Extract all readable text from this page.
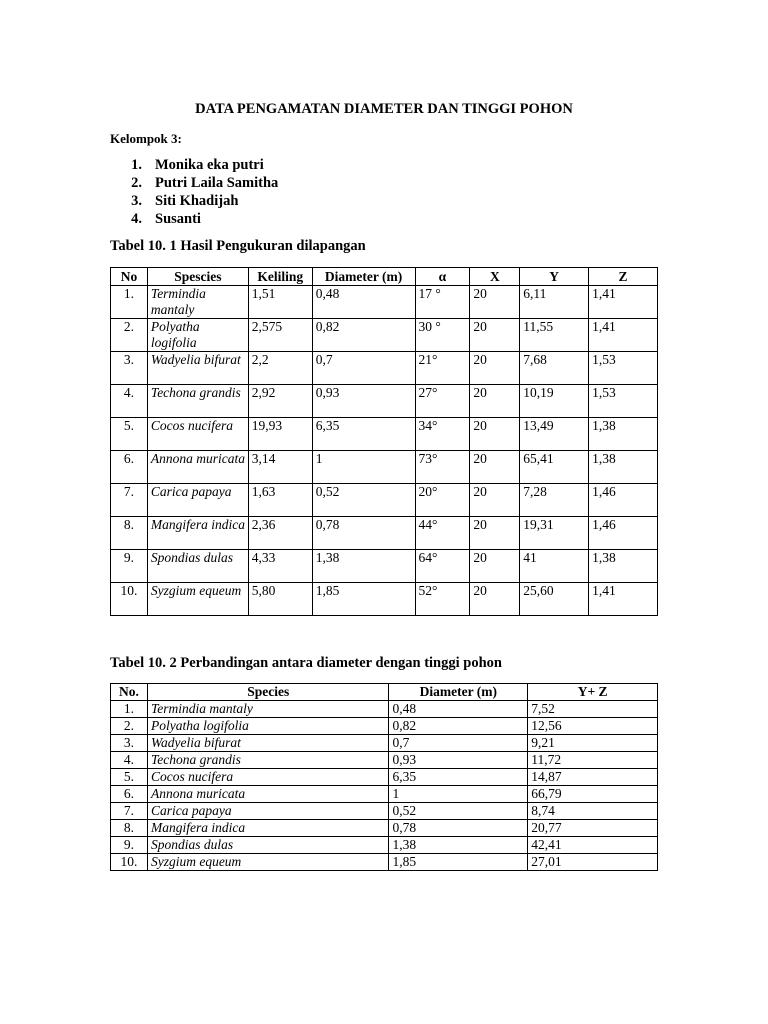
DATA PENGAMATAN DIAMETER DAN TINGGI POHON
Kelompok 3:
1. Monika eka putri
2. Putri Laila Samitha
3. Siti Khadijah
4. Susanti
Tabel 10. 1 Hasil Pengukuran dilapangan
No	Spescies	Keliling	Diameter (m)	α	X	Y	Z
1.	Termindia mantaly	1,51	0,48	17 °	20	6,11	1,41
2.	Polyatha logifolia	2,575	0,82	30 °	20	11,55	1,41
3.	Wadyelia bifurat	2,2	0,7	21°	20	7,68	1,53
4.	Techona grandis	2,92	0,93	27°	20	10,19	1,53
5.	Cocos nucifera	19,93	6,35	34°	20	13,49	1,38
6.	Annona muricata	3,14	1	73°	20	65,41	1,38
7.	Carica papaya	1,63	0,52	20°	20	7,28	1,46
8.	Mangifera indica	2,36	0,78	44°	20	19,31	1,46
9.	Spondias dulas	4,33	1,38	64°	20	41	1,38
10.	Syzgium equeum	5,80	1,85	52°	20	25,60	1,41
Tabel 10. 2 Perbandingan antara diameter dengan tinggi pohon
No.	Species	Diameter (m)	Y+ Z
1.	Termindia mantaly	0,48	7,52
2.	Polyatha logifolia	0,82	12,56
3.	Wadyelia bifurat	0,7	9,21
4.	Techona grandis	0,93	11,72
5.	Cocos nucifera	6,35	14,87
6.	Annona muricata	1	66,79
7.	Carica papaya	0,52	8,74
8.	Mangifera indica	0,78	20,77
9.	Spondias dulas	1,38	42,41
10.	Syzgium equeum	1,85	27,01
